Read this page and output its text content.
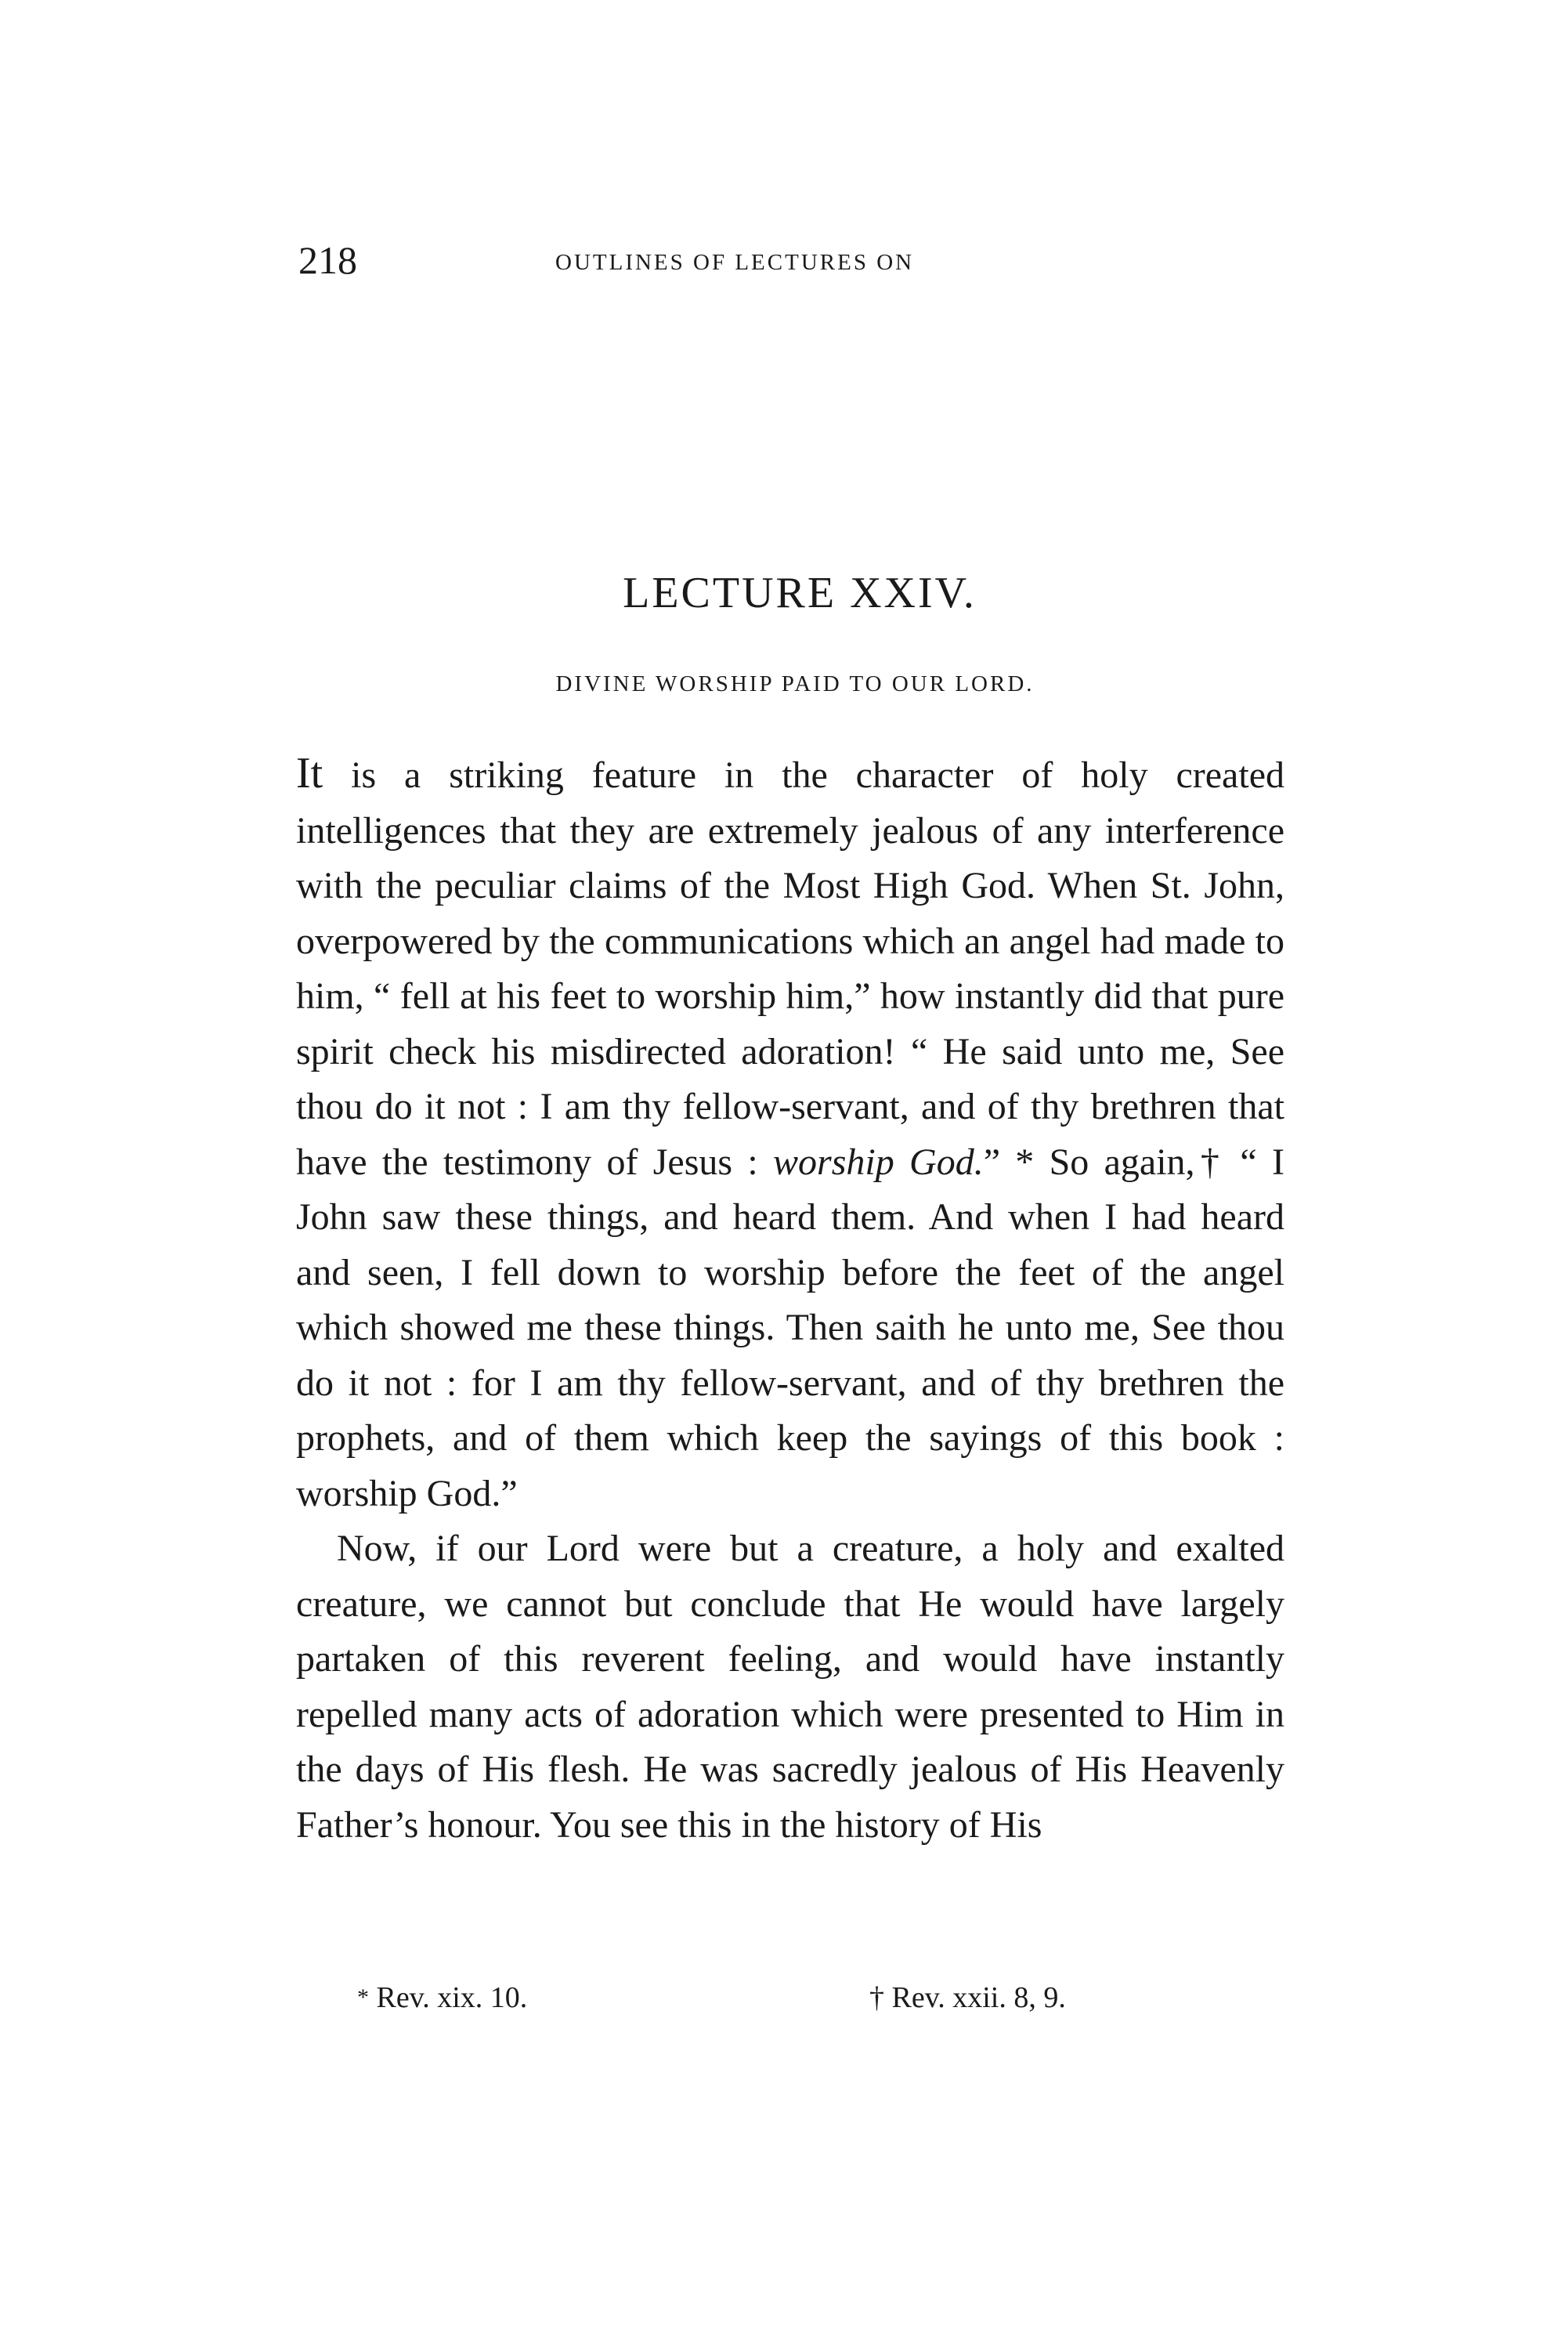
218	OUTLINES OF LECTURES ON
LECTURE XXIV.
DIVINE WORSHIP PAID TO OUR LORD.

It is a striking feature in the character of holy created intelligences that they are extremely jealous of any interference with the peculiar claims of the Most High God. When St. John, overpowered by the communications which an angel had made to him, “ fell at his feet to worship him,” how instantly did that pure spirit check his misdirected adoration! “ He said unto me, See thou do it not : I am thy fellow-servant, and of thy brethren that have the testimony of Jesus : worship God.” * So again,† “ I John saw these things, and heard them. And when I had heard and seen, I fell down to worship before the feet of the angel which showed me these things. Then saith he unto me, See thou do it not : for I am thy fellow-servant, and of thy brethren the prophets, and of them which keep the sayings of this book : worship God.”

Now, if our Lord were but a creature, a holy and exalted creature, we cannot but conclude that He would have largely partaken of this reverent feeling, and would have instantly repelled many acts of adoration which were presented to Him in the days of His flesh. He was sacredly jealous of His Heavenly Father’s honour. You see this in the history of His

* Rev. xix. 10.	† Rev. xxii. 8, 9.
